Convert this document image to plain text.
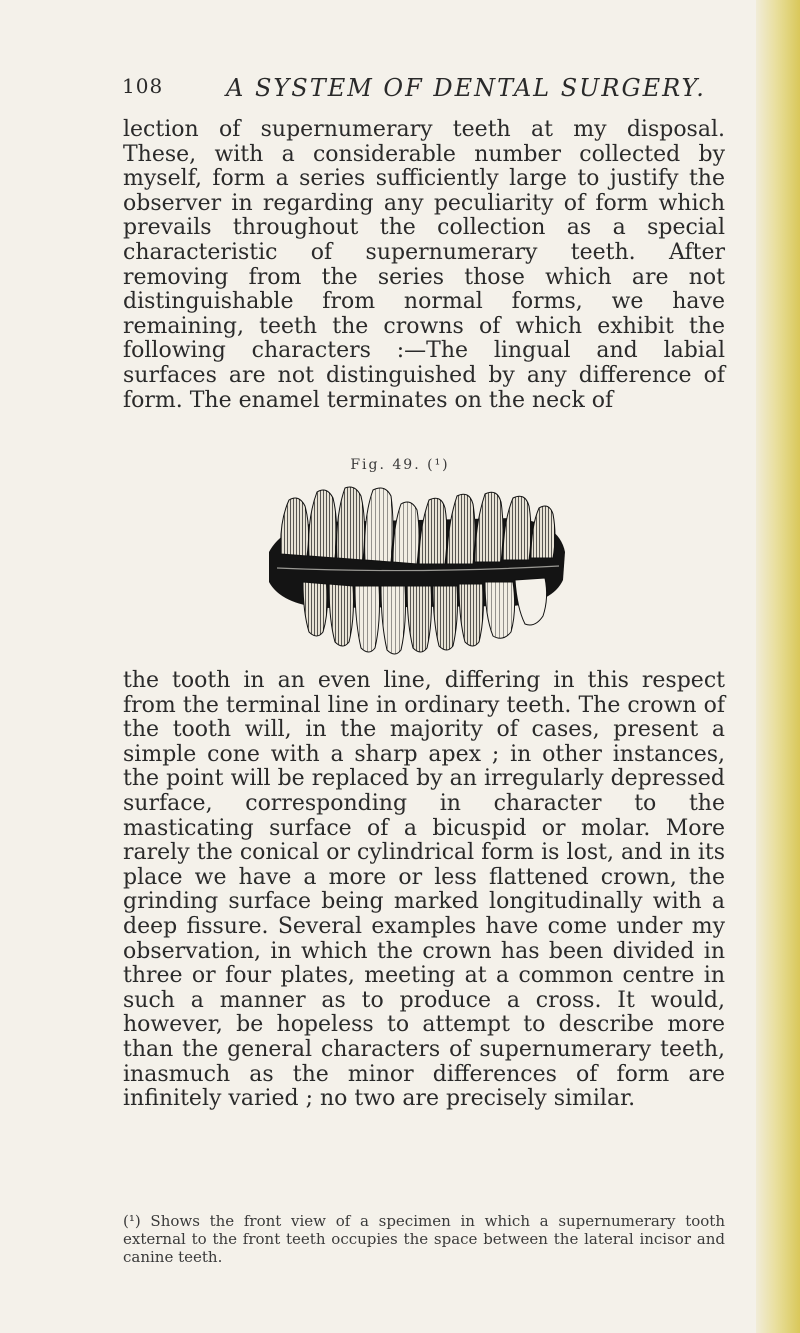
108	A SYSTEM OF DENTAL SURGERY.

lection of supernumerary teeth at my disposal. These, with a considerable number collected by myself, form a series sufficiently large to justify the observer in regarding any peculiarity of form which prevails throughout the collection as a special characteristic of supernumerary teeth. After removing from the series those which are not distinguishable from normal forms, we have remaining, teeth the crowns of which exhibit the following characters :—The lingual and labial surfaces are not distinguished by any difference of form. The enamel terminates on the neck of

Fig. 49. (¹)

the tooth in an even line, differing in this respect from the terminal line in ordinary teeth. The crown of the tooth will, in the majority of cases, present a simple cone with a sharp apex ; in other instances, the point will be replaced by an irregularly depressed surface, corresponding in character to the masticating surface of a bicuspid or molar. More rarely the conical or cylindrical form is lost, and in its place we have a more or less flattened crown, the grinding surface being marked longitudinally with a deep fissure. Several examples have come under my observation, in which the crown has been divided in three or four plates, meeting at a common centre in such a manner as to produce a cross. It would, however, be hopeless to attempt to describe more than the general characters of supernumerary teeth, inasmuch as the minor differences of form are infinitely varied ; no two are precisely similar.

(¹) Shows the front view of a specimen in which a supernumerary tooth external to the front teeth occupies the space between the lateral incisor and canine teeth.
